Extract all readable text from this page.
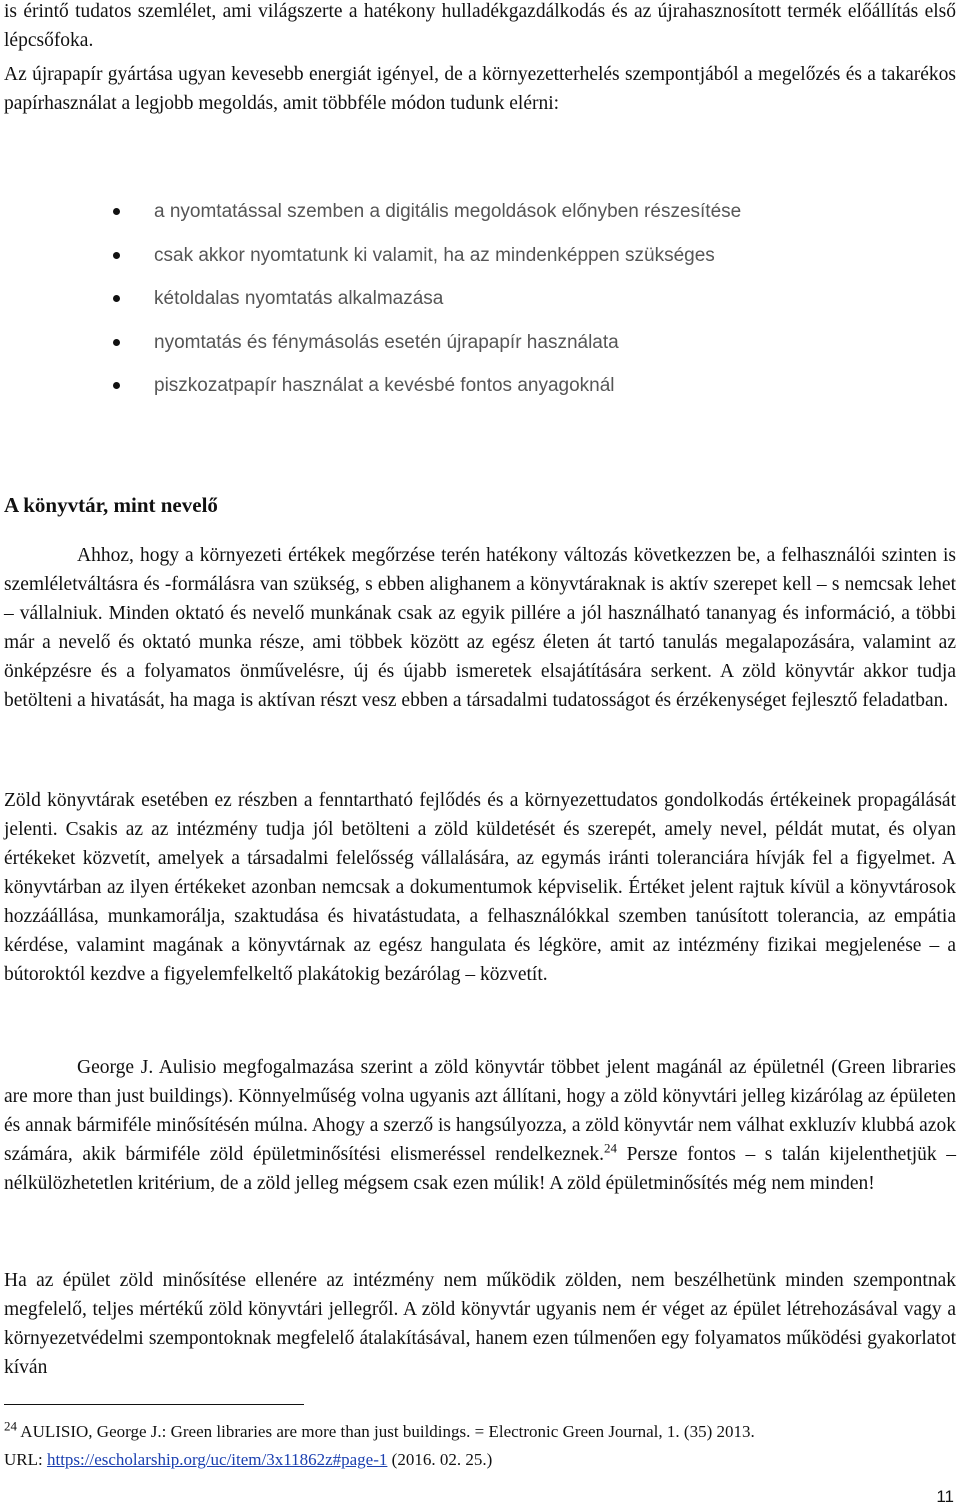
is érintő tudatos szemlélet, ami világszerte a hatékony hulladékgazdálkodás és az újrahasznosított termék előállítás első lépcsőfoka.

Az újrapapír gyártása ugyan kevesebb energiát igényel, de a környezetterhelés szempontjából a megelőzés és a takarékos papírhasználat a legjobb megoldás, amit többféle módon tudunk elérni:

a nyomtatással szemben a digitális megoldások előnyben részesítése
csak akkor nyomtatunk ki valamit, ha az mindenképpen szükséges
kétoldalas nyomtatás alkalmazása
nyomtatás és fénymásolás esetén újrapapír használata
piszkozatpapír használat a kevésbé fontos anyagoknál
A könyvtár, mint nevelő

Ahhoz, hogy a környezeti értékek megőrzése terén hatékony változás következzen be, a felhasználói szinten is szemléletváltásra és -formálásra van szükség, s ebben alighanem a könyvtáraknak is aktív szerepet kell – s nemcsak lehet – vállalniuk. Minden oktató és nevelő munkának csak az egyik pillére a jól használható tananyag és információ, a többi már a nevelő és oktató munka része, ami többek között az egész életen át tartó tanulás megalapozására, valamint az önképzésre és a folyamatos önművelésre, új és újabb ismeretek elsajátítására serkent. A zöld könyvtár akkor tudja betölteni a hivatását, ha maga is aktívan részt vesz ebben a társadalmi tudatosságot és érzékenységet fejlesztő feladatban.

Zöld könyvtárak esetében ez részben a fenntartható fejlődés és a környezettudatos gondolkodás értékeinek propagálását jelenti. Csakis az az intézmény tudja jól betölteni a zöld küldetését és szerepét, amely nevel, példát mutat, és olyan értékeket közvetít, amelyek a társadalmi felelősség vállalására, az egymás iránti toleranciára hívják fel a figyelmet. A könyvtárban az ilyen értékeket azonban nemcsak a dokumentumok képviselik. Értéket jelent rajtuk kívül a könyvtárosok hozzáállása, munkamorálja, szaktudása és hivatástudata, a felhasználókkal szemben tanúsított tolerancia, az empátia kérdése, valamint magának a könyvtárnak az egész hangulata és légköre, amit az intézmény fizikai megjelenése – a bútoroktól kezdve a figyelemfelkeltő plakátokig bezárólag – közvetít.

George J. Aulisio megfogalmazása szerint a zöld könyvtár többet jelent magánál az épületnél (Green libraries are more than just buildings). Könnyelműség volna ugyanis azt állítani, hogy a zöld könyvtári jelleg kizárólag az épületen és annak bármiféle minősítésén múlna. Ahogy a szerző is hangsúlyozza, a zöld könyvtár nem válhat exkluzív klubbá azok számára, akik bármiféle zöld épületminősítési elismeréssel rendelkeznek.$^{24}$ Persze fontos – s talán kijelenthetjük – nélkülözhetetlen kritérium, de a zöld jelleg mégsem csak ezen múlik! A zöld épületminősítés még nem minden!

Ha az épület zöld minősítése ellenére az intézmény nem működik zölden, nem beszélhetünk minden szempontnak megfelelő, teljes mértékű zöld könyvtári jellegről. A zöld könyvtár ugyanis nem ér véget az épület létrehozásával vagy a környezetvédelmi szempontoknak megfelelő átalakításával, hanem ezen túlmenően egy folyamatos működési gyakorlatot kíván

$^{24}$ AULISIO, George J.: Green libraries are more than just buildings. = Electronic Green Journal, 1. (35) 2013.
URL: https://escholarship.org/uc/item/3x11862z#page-1 (2016. 02. 25.)

11
